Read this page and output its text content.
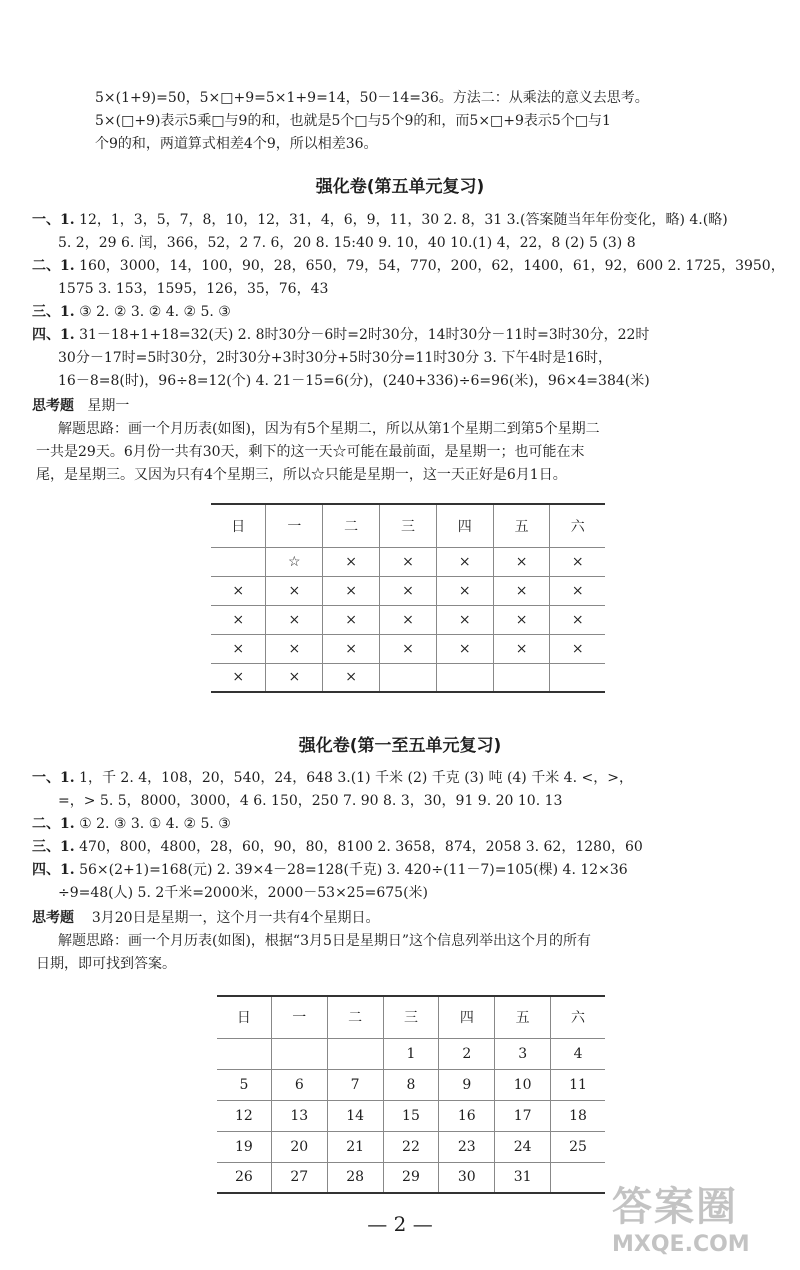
5×(1+9)=50，5×□+9=5×1+9=14，50－14=36。方法二：从乘法的意义去思考。
5×(□+9)表示5乘□与9的和，也就是5个□与5个9的和，而5×□+9表示5个□与1
个9的和，两道算式相差4个9，所以相差36。
强化卷(第五单元复习)
一、1. 12，1，3，5，7，8，10，12，31，4，6，9，11，30 2. 8，31 3.(答案随当年年份变化，略) 4.(略)
5. 2，29 6. 闰，366，52，2 7. 6，20 8. 15:40 9. 10，40 10.(1) 4，22，8 (2) 5 (3) 8
二、1. 160，3000，14，100，90，28，650，79，54，770，200，62，1400，61，92，600 2. 1725，3950，
1575 3. 153，1595，126，35，76，43
三、1. ③ 2. ② 3. ② 4. ② 5. ③
四、1. 31－18+1+18=32(天) 2. 8时30分－6时=2时30分，14时30分－11时=3时30分，22时
30分－17时=5时30分，2时30分+3时30分+5时30分=11时30分 3. 下午4时是16时，
16－8=8(时)，96÷8=12(个) 4. 21－15=6(分)，(240+336)÷6=96(米)，96×4=384(米)
思考题 星期一
解题思路：画一个月历表(如图)，因为有5个星期二，所以从第1个星期二到第5个星期二
一共是29天。6月份一共有30天，剩下的这一天☆可能在最前面，是星期一；也可能在末
尾，是星期三。又因为只有4个星期三，所以☆只能是星期一，这一天正好是6月1日。
日	一	二	三	四	五	六
	☆	×	×	×	×	×
×	×	×	×	×	×	×
×	×	×	×	×	×	×
×	×	×	×	×	×	×
×	×	×				
强化卷(第一至五单元复习)
一、1. 1，千 2. 4，108，20，540，24，648 3.(1) 千米 (2) 千克 (3) 吨 (4) 千米 4. <，>，
=，> 5. 5，8000，3000，4 6. 150，250 7. 90 8. 3，30，91 9. 20 10. 13
二、1. ① 2. ③ 3. ① 4. ② 5. ③
三、1. 470，800，4800，28，60，90，80，8100 2. 3658，874，2058 3. 62，1280，60
四、1. 56×(2+1)=168(元) 2. 39×4－28=128(千克) 3. 420÷(11－7)=105(棵) 4. 12×36
÷9=48(人) 5. 2千米=2000米，2000－53×25=675(米)
思考题 3月20日是星期一，这个月一共有4个星期日。
解题思路：画一个月历表(如图)，根据“3月5日是星期日”这个信息列举出这个月的所有
日期，即可找到答案。
日	一	二	三	四	五	六
			1	2	3	4
5	6	7	8	9	10	11
12	13	14	15	16	17	18
19	20	21	22	23	24	25
26	27	28	29	30	31	
— 2 —	答案圈
MXQE.COM
